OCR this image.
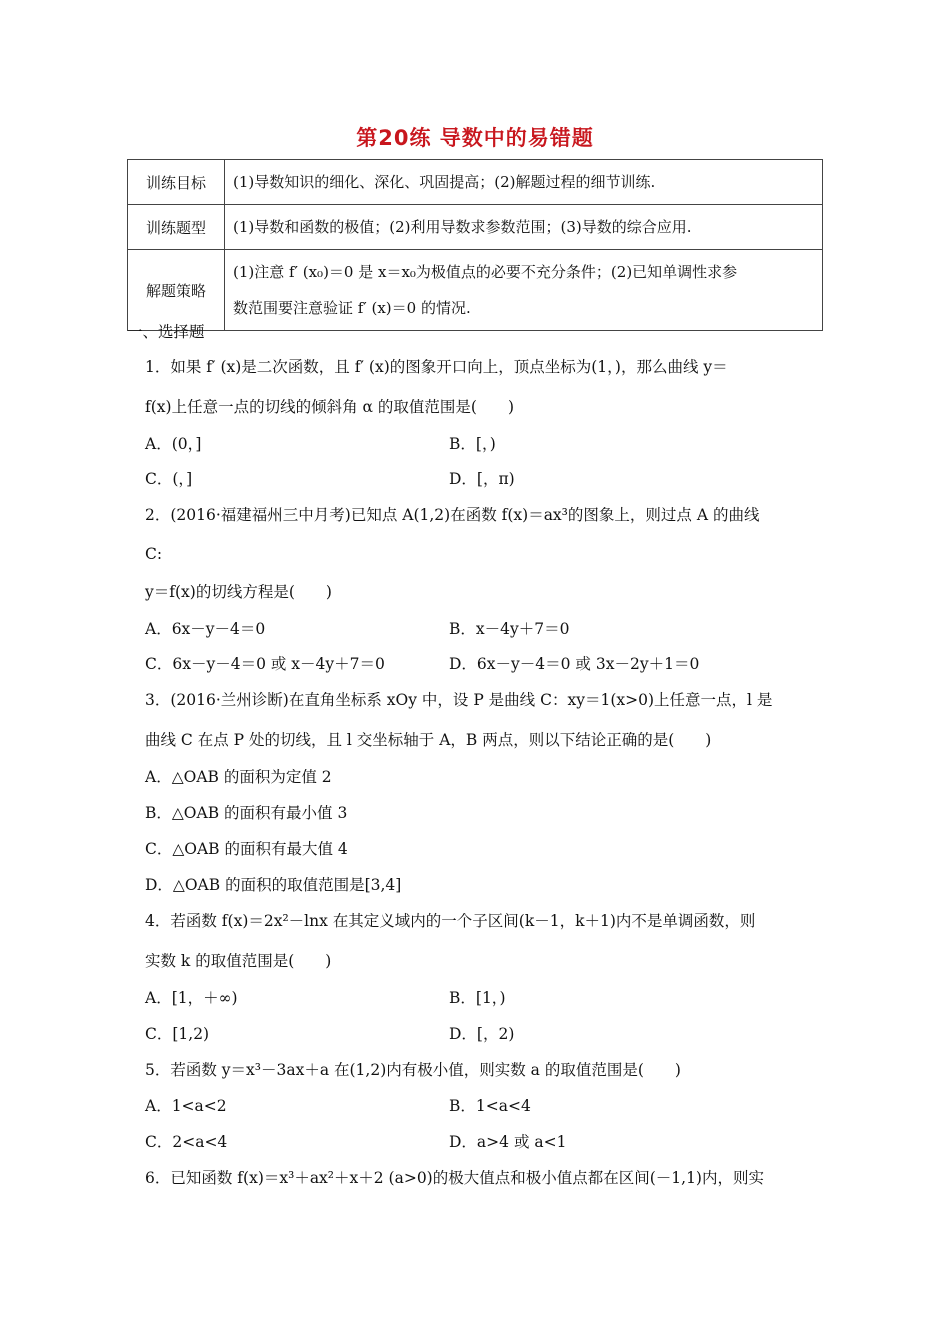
第20练 导数中的易错题
训练目标	(1)导数知识的细化、深化、巩固提高；(2)解题过程的细节训练.
训练题型	(1)导数和函数的极值；(2)利用导数求参数范围；(3)导数的综合应用.
解题策略	(1)注意 f′ (x₀)＝0 是 x＝x₀为极值点的必要不充分条件；(2)已知单调性求参
数范围要注意验证 f′ (x)＝0 的情况.
一、选择题
1．如果 f′ (x)是二次函数，且 f′ (x)的图象开口向上，顶点坐标为(1，)，那么曲线 y＝
f(x)上任意一点的切线的倾斜角 α 的取值范围是(　　)
A．(0，]	B．[，)
C．(，]	D．[，π)
2．(2016·福建福州三中月考)已知点 A(1,2)在函数 f(x)＝ax³的图象上，则过点 A 的曲线
C:
y＝f(x)的切线方程是(　　)
A．6x－y－4＝0	B．x－4y＋7＝0
C．6x－y－4＝0 或 x－4y＋7＝0	D．6x－y－4＝0 或 3x－2y＋1＝0
3．(2016·兰州诊断)在直角坐标系 xOy 中，设 P 是曲线 C：xy＝1(x>0)上任意一点，l 是
曲线 C 在点 P 处的切线，且 l 交坐标轴于 A，B 两点，则以下结论正确的是(　　)
A．△OAB 的面积为定值 2
B．△OAB 的面积有最小值 3
C．△OAB 的面积有最大值 4
D．△OAB 的面积的取值范围是[3,4]
4．若函数 f(x)＝2x²－lnx 在其定义域内的一个子区间(k－1，k＋1)内不是单调函数，则
实数 k 的取值范围是(　　)
A．[1，＋∞)	B．[1，)
C．[1,2)	D．[，2)
5．若函数 y＝x³－3ax＋a 在(1,2)内有极小值，则实数 a 的取值范围是(　　)
A．1<a<2	B．1<a<4
C．2<a<4	D．a>4 或 a<1
6．已知函数 f(x)＝x³＋ax²＋x＋2 (a>0)的极大值点和极小值点都在区间(－1,1)内，则实
